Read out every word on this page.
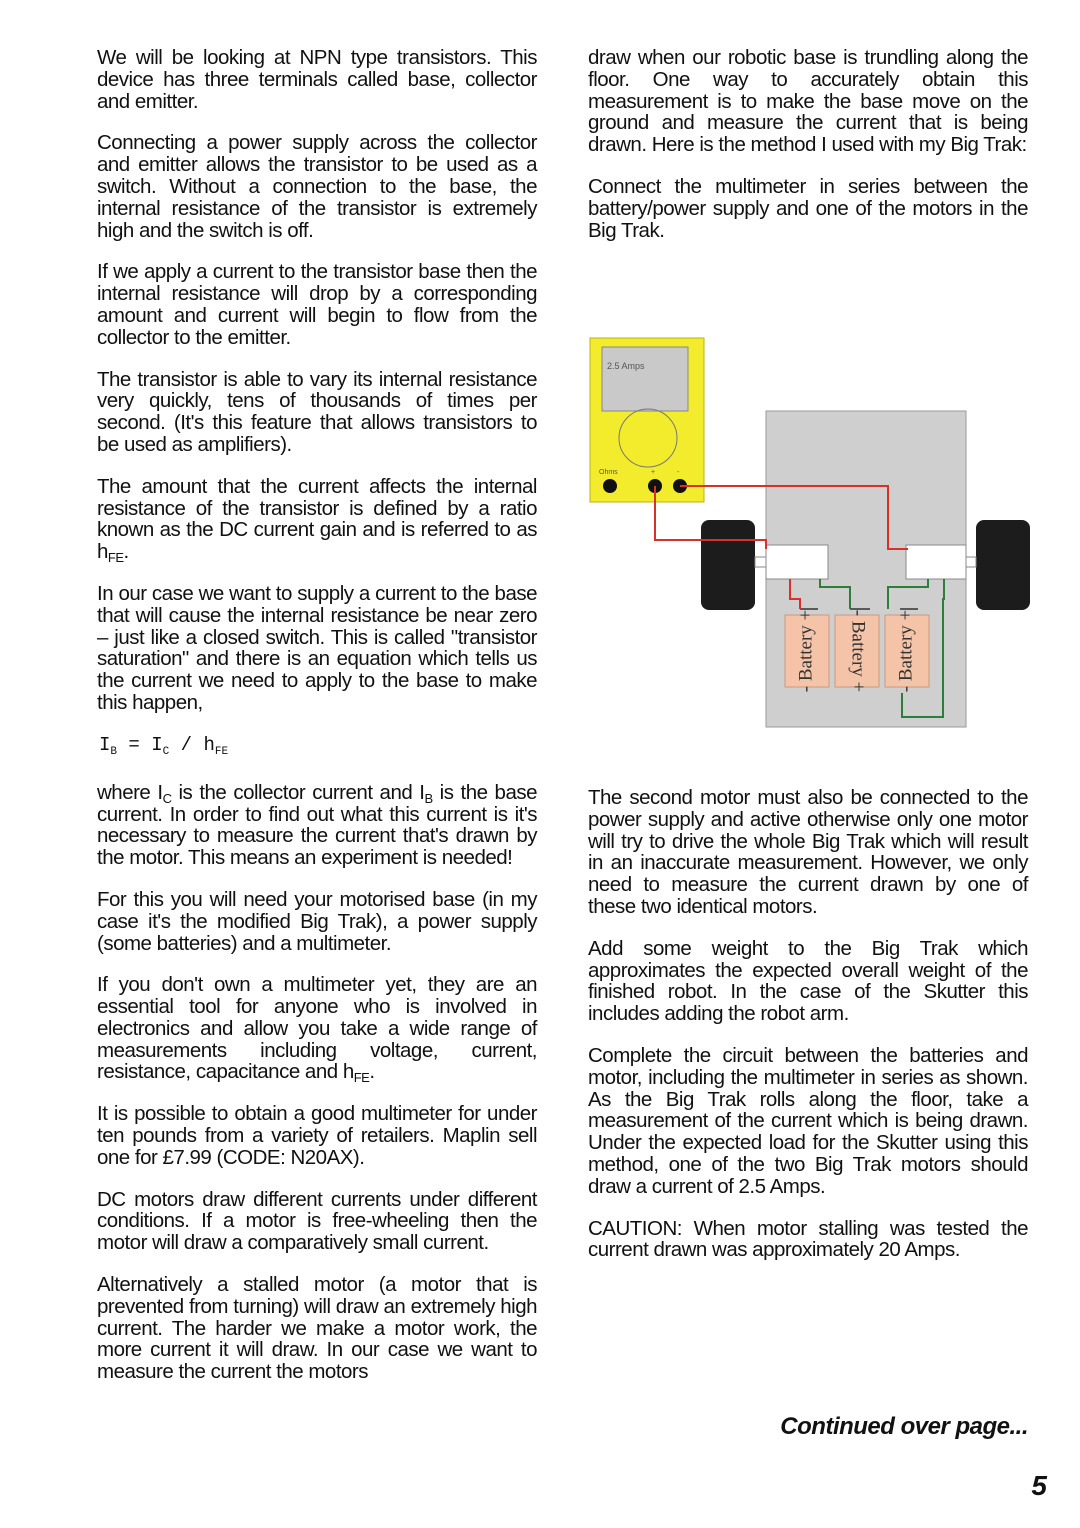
We will be looking at NPN type transistors. This device has three terminals called base, collector and emitter.

Connecting a power supply across the collector and emitter allows the transistor to be used as a switch. Without a connection to the base, the internal resistance of the transistor is extremely high and the switch is off.

If we apply a current to the transistor base then the internal resistance will drop by a corresponding amount and current will begin to flow from the collector to the emitter.

The transistor is able to vary its internal resistance very quickly, tens of thousands of times per second. (It's this feature that allows transistors to be used as amplifiers).

The amount that the current affects the internal resistance of the transistor is defined by a ratio known as the DC current gain and is referred to as $h_{FE}$.

In our case we want to supply a current to the base that will cause the internal resistance be near zero – just like a closed switch. This is called "transistor saturation" and there is an equation which tells us the current we need to apply to the base to make this happen,

$I_B = I_C / h_{FE}$

where $I_C$ is the collector current and $I_B$ is the base current. In order to find out what this current is it's necessary to measure the current that's drawn by the motor. This means an experiment is needed!

For this you will need your motorised base (in my case it's the modified Big Trak), a power supply (some batteries) and a multimeter.

If you don't own a multimeter yet, they are an essential tool for anyone who is involved in electronics and allow you take a wide range of measurements including voltage, current, resistance, capacitance and $h_{FE}$.

It is possible to obtain a good multimeter for under ten pounds from a variety of retailers. Maplin sell one for £7.99 (CODE: N20AX).

DC motors draw different currents under different conditions. If a motor is free-wheeling then the motor will draw a comparatively small current.

Alternatively a stalled motor (a motor that is prevented from turning) will draw an extremely high current. The harder we make a motor work, the more current it will draw. In our case we want to measure the current the motors

draw when our robotic base is trundling along the floor. One way to accurately obtain this measurement is to make the base move on the ground and measure the current that is being drawn. Here is the method I used with my Big Trak:

Connect the multimeter in series between the battery/power supply and one of the motors in the Big Trak.

- Battery + - Battery + - Battery +
2.5 Amps
Ohms	+	-

The second motor must also be connected to the power supply and active otherwise only one motor will try to drive the whole Big Trak which will result in an inaccurate measurement. However, we only need to measure the current drawn by one of these two identical motors.

Add some weight to the Big Trak which approximates the expected overall weight of the finished robot. In the case of the Skutter this includes adding the robot arm.

Complete the circuit between the batteries and motor, including the multimeter in series as shown. As the Big Trak rolls along the floor, take a measurement of the current which is being drawn. Under the expected load for the Skutter using this method, one of the two Big Trak motors should draw a current of 2.5 Amps.

CAUTION: When motor stalling was tested the current drawn was approximately 20 Amps.

Continued over page...
5
